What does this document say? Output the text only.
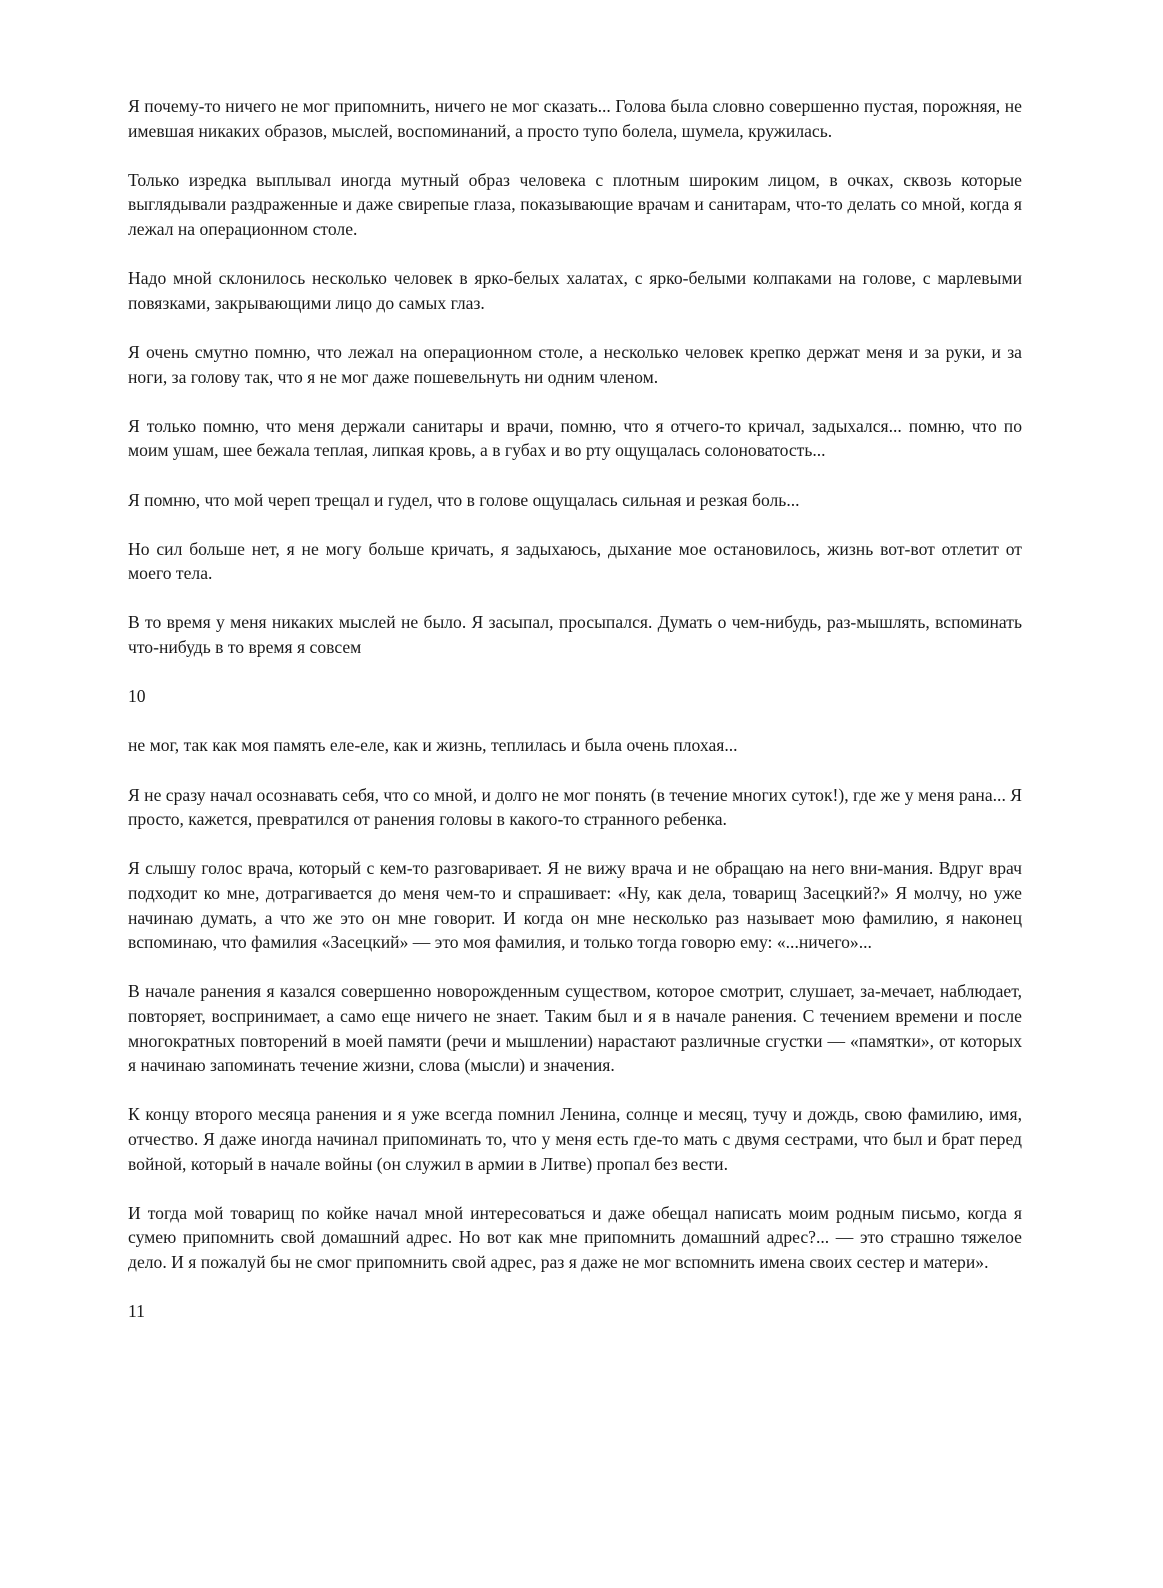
Я почему-то ничего не мог припомнить, ничего не мог сказать... Голова была словно совершенно пустая, порожняя, не имевшая никаких образов, мыслей, воспоминаний, а просто тупо болела, шумела, кружилась.

Только изредка выплывал иногда мутный образ человека с плотным широким лицом, в очках, сквозь которые выглядывали раздраженные и даже свирепые глаза, показывающие врачам и санитарам, что-то делать со мной, когда я лежал на операционном столе.

Надо мной склонилось несколько человек в ярко-белых халатах, с ярко-белыми колпаками на голове, с марлевыми повязками, закрывающими лицо до самых глаз.

Я очень смутно помню, что лежал на операционном столе, а несколько человек крепко держат меня и за руки, и за ноги, за голову так, что я не мог даже пошевельнуть ни одним членом.

Я только помню, что меня держали санитары и врачи, помню, что я отчего-то кричал, задыхался... помню, что по моим ушам, шее бежала теплая, липкая кровь, а в губах и во рту ощущалась солоноватость...

Я помню, что мой череп трещал и гудел, что в голове ощущалась сильная и резкая боль...

Но сил больше нет, я не могу больше кричать, я задыхаюсь, дыхание мое остановилось, жизнь вот-вот отлетит от моего тела.

В то время у меня никаких мыслей не было. Я засыпал, просыпался. Думать о чем-нибудь, раз-мышлять, вспоминать что-нибудь в то время я совсем

10

не мог, так как моя память еле-еле, как и жизнь, теплилась и была очень плохая...

Я не сразу начал осознавать себя, что со мной, и долго не мог понять (в течение многих суток!), где же у меня рана... Я просто, кажется, превратился от ранения головы в какого-то странного ребенка.

Я слышу голос врача, который с кем-то разговаривает. Я не вижу врача и не обращаю на него вни-мания. Вдруг врач подходит ко мне, дотрагивается до меня чем-то и спрашивает: «Ну, как дела, товарищ Засецкий?» Я молчу, но уже начинаю думать, а что же это он мне говорит. И когда он мне несколько раз называет мою фамилию, я наконец вспоминаю, что фамилия «Засецкий» — это моя фамилия, и только тогда говорю ему: «...ничего»...

В начале ранения я казался совершенно новорожденным существом, которое смотрит, слушает, за-мечает, наблюдает, повторяет, воспринимает, а само еще ничего не знает. Таким был и я в начале ранения. С течением времени и после многократных повторений в моей памяти (речи и мышлении) нарастают различные сгустки — «памятки», от которых я начинаю запоминать течение жизни, слова (мысли) и значения.

К концу второго месяца ранения и я уже всегда помнил Ленина, солнце и месяц, тучу и дождь, свою фамилию, имя, отчество. Я даже иногда начинал припоминать то, что у меня есть где-то мать с двумя сестрами, что был и брат перед войной, который в начале войны (он служил в армии в Литве) пропал без вести.

И тогда мой товарищ по койке начал мной интересоваться и даже обещал написать моим родным письмо, когда я сумею припомнить свой домашний адрес. Но вот как мне припомнить домашний адрес?... — это страшно тяжелое дело. И я пожалуй бы не смог припомнить свой адрес, раз я даже не мог вспомнить имена своих сестер и матери».

11
